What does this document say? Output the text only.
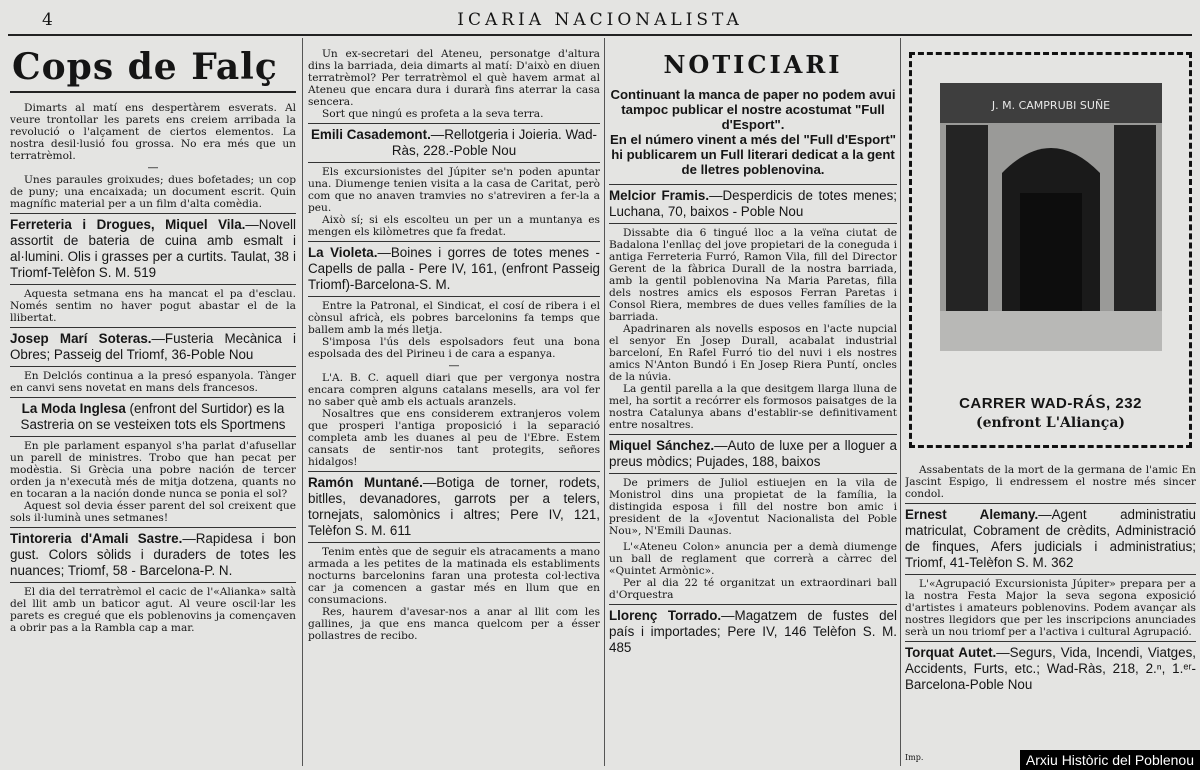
4	ICARIA NACIONALISTA
Cops de Falç

Dimarts al matí ens despertàrem esverats. Al veure trontollar les parets ens creiem arribada la revolució o l'alçament de ciertos elementos. La nostra desil·lusió fou grossa. No era més que un terratrèmol.

—

Unes paraules groixudes; dues bofetades; un cop de puny; una encaixada; un document escrit. Quin magnífic material per a un film d'alta comèdia.

Ferreteria i Drogues, Miquel Vila.—Novell assortit de bateria de cuina amb esmalt i al·lumini. Olis i grasses per a curtits. Taulat, 38 i Triomf-Telèfon S. M. 519

Aquesta setmana ens ha mancat el pa d'esclau. Només sentim no haver pogut abastar el de la llibertat.

Josep Marí Soteras.—Fusteria Mecànica i Obres; Passeig del Triomf, 36-Poble Nou

En Delclós continua a la presó espanyola. Tànger en canvi sens novetat en mans dels francesos.

La Moda Inglesa (enfront del Surtidor) es la Sastreria on se vesteixen tots els Sportmens

En ple parlament espanyol s'ha parlat d'afusellar un parell de ministres. Trobo que han pecat per modèstia. Si Grècia una pobre nación de tercer orden ja n'executà més de mitja dotzena, quants no en tocaran a la nación donde nunca se ponia el sol?

Aquest sol devia ésser parent del sol creixent que sols il·luminà unes setmanes!

Tintoreria d'Amali Sastre.—Rapidesa i bon gust. Colors sòlids i duraders de totes les nuances; Triomf, 58 - Barcelona-P. N.

El dia del terratrèmol el cacic de l'«Alianka» saltà del llit amb un baticor agut. Al veure oscil·lar les parets es cregué que els poblenovins ja començaven a obrir pas a la Rambla cap a mar.

Un ex-secretari del Ateneu, personatge d'altura dins la barriada, deia dimarts al matí: D'això en diuen terratrèmol? Per terratrèmol el què havem armat al Ateneu que encara dura i durarà fins aterrar la casa sencera.

Sort que ningú es profeta a la seva terra.

Emili Casademont.—Rellotgeria i Joieria. Wad-Ràs, 228.-Poble Nou

Els excursionistes del Júpiter se'n poden apuntar una. Diumenge tenien visita a la casa de Caritat, però com que no anaven tramvies no s'atreviren a fer-la a peu.

Això sí; si els escolteu un per un a muntanya es mengen els kilòmetres que fa fredat.

La Violeta.—Boines i gorres de totes menes - Capells de palla - Pere IV, 161, (enfront Passeig Triomf)-Barcelona-S. M.

Entre la Patronal, el Sindicat, el cosí de ribera i el cònsul africà, els pobres barcelonins fa temps que ballem amb la més lletja.

S'imposa l'ús dels espolsadors feut una bona espolsada des del Pirineu i de cara a espanya.

—

L'A. B. C. aquell diari que per vergonya nostra encara compren alguns catalans mesells, ara vol fer no saber què amb els actuals aranzels.

Nosaltres que ens considerem extranjeros volem que prosperi l'antiga proposició i la separació completa amb les duanes al peu de l'Ebre. Estem cansats de sentir-nos tant protegits, señores hidalgos!

Ramón Muntané.—Botiga de torner, rodets, bitlles, devanadores, garrots per a telers, tornejats, salomònics i altres; Pere IV, 121, Telèfon S. M. 611

Tenim entès que de seguir els atracaments a mano armada a les petites de la matinada els establiments nocturns barcelonins faran una protesta col·lectiva car ja comencen a gastar més en llum que en consumacions.

Res, haurem d'avesar-nos a anar al llit com les gallines, ja que ens manca quelcom per a ésser pollastres de recibo.

NOTICIARI

Continuant la manca de paper no podem avui tampoc publicar el nostre acostumat "Full d'Esport".

En el número vinent a més del "Full d'Esport" hi publicarem un Full literari dedicat a la gent de lletres poblenovina.

Melcior Framis.—Desperdicis de totes menes; Luchana, 70, baixos - Poble Nou

Dissabte dia 6 tingué lloc a la veïna ciutat de Badalona l'enllaç del jove propietari de la coneguda i antiga Ferreteria Furró, Ramon Vila, fill del Director Gerent de la fàbrica Durall de la nostra barriada, amb la gentil poblenovina Na Maria Paretas, filla dels nostres amics els esposos Ferran Paretas i Consol Riera, membres de dues velles famílies de la barriada.

Apadrinaren als novells esposos en l'acte nupcial el senyor En Josep Durall, acabalat industrial barceloní, En Rafel Furró tio del nuvi i els nostres amics N'Anton Bundó i En Josep Riera Puntí, oncles de la núvia.

La gentil parella a la que desitgem llarga lluna de mel, ha sortit a recórrer els formosos paisatges de la nostra Catalunya abans d'establir-se definitivament entre nosaltres.

Miquel Sánchez.—Auto de luxe per a lloguer a preus mòdics; Pujades, 188, baixos

De primers de Juliol estiuejen en la vila de Monistrol dins una propietat de la família, la distingida esposa i fill del nostre bon amic i president de la «Joventut Nacionalista del Poble Nou», N'Emili Daunas.

L'«Ateneu Colon» anuncia per a demà diumenge un ball de reglament que correrà a càrrec del «Quintet Armònic».

Per al dia 22 té organitzat un extraordinari ball d'Orquestra

Llorenç Torrado.—Magatzem de fustes del país i importades; Pere IV, 146 Telèfon S. M. 485

J. M. CAMPRUBI SUÑE
CARRER WAD-RÁS, 232
(enfront L'Aliança)

Assabentats de la mort de la germana de l'amic En Jascint Espigo, li endressem el nostre més sincer condol.

Ernest Alemany.—Agent administratiu matriculat, Cobrament de crèdits, Administració de finques, Afers judicials i administratius; Triomf, 41-Telèfon S. M. 362

L'«Agrupació Excursionista Júpiter» prepara per a la nostra Festa Major la seva segona exposició d'artistes i amateurs poblenovins. Podem avançar als nostres llegidors que per les inscripcions anunciades serà un nou triomf per a l'activa i cultural Agrupació.

Torquat Autet.—Segurs, Vida, Incendi, Viatges, Accidents, Furts, etc.; Wad-Ràs, 218, 2.ⁿ, 1.ᵉʳ-Barcelona-Poble Nou

Imp.	Arxiu Històric del Poblenou
